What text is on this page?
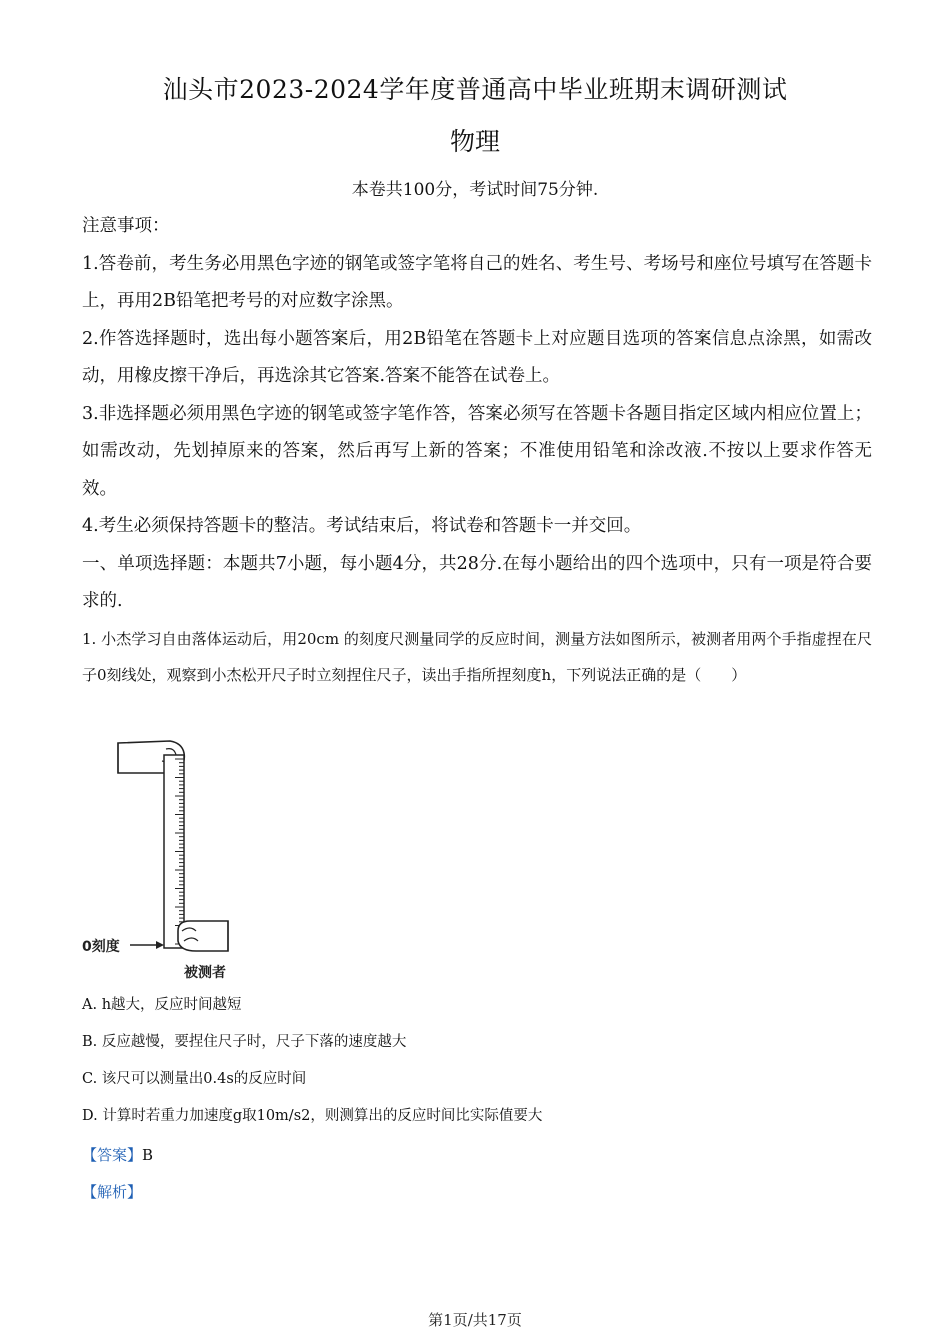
汕头市2023-2024学年度普通高中毕业班期末调研测试
物理
本卷共100分，考试时间75分钟.

注意事项：

1.答卷前，考生务必用黑色字迹的钢笔或签字笔将自己的姓名、考生号、考场号和座位号填写在答题卡上，再用2B铅笔把考号的对应数字涂黑。

2.作答选择题时，选出每小题答案后，用2B铅笔在答题卡上对应题目选项的答案信息点涂黑，如需改动，用橡皮擦干净后，再选涂其它答案.答案不能答在试卷上。

3.非选择题必须用黑色字迹的钢笔或签字笔作答，答案必须写在答题卡各题目指定区域内相应位置上；如需改动，先划掉原来的答案，然后再写上新的答案；不准使用铅笔和涂改液.不按以上要求作答无效。

4.考生必须保持答题卡的整洁。考试结束后，将试卷和答题卡一并交回。

一、单项选择题：本题共7小题，每小题4分，共28分.在每小题给出的四个选项中，只有一项是符合要求的.

1. 小杰学习自由落体运动后，用20cm 的刻度尺测量同学的反应时间，测量方法如图所示，被测者用两个手指虚捏在尺子0刻线处，观察到小杰松开尺子时立刻捏住尺子，读出手指所捏刻度h，下列说法正确的是（　　）

0刻度
被测者
A. h越大，反应时间越短
B. 反应越慢，要捏住尺子时，尺子下落的速度越大
C. 该尺可以测量出0.4s的反应时间
D. 计算时若重力加速度g取10m/s2，则测算出的反应时间比实际值要大
【答案】B
【解析】
第1页/共17页
